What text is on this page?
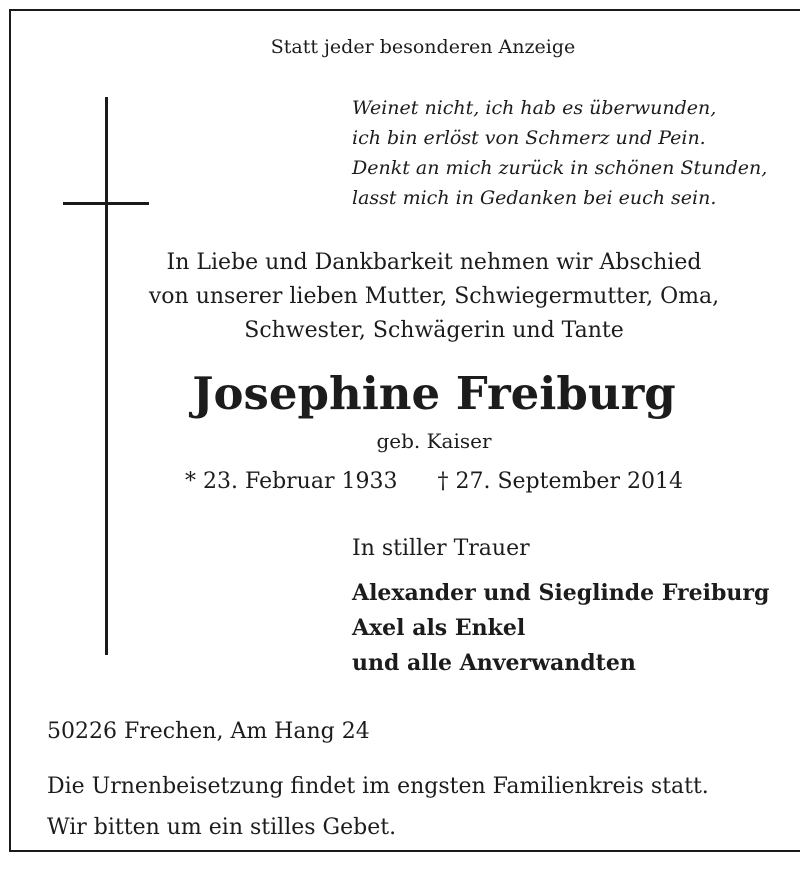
Statt jeder besonderen Anzeige
Weinet nicht, ich hab es überwunden,
ich bin erlöst von Schmerz und Pein.
Denkt an mich zurück in schönen Stunden,
lasst mich in Gedanken bei euch sein.
In Liebe und Dankbarkeit nehmen wir Abschied
von unserer lieben Mutter, Schwiegermutter, Oma,
Schwester, Schwägerin und Tante
Josephine Freiburg
geb. Kaiser
* 23. Februar 1933 † 27. September 2014
In stiller Trauer
Alexander und Sieglinde Freiburg
Axel als Enkel
und alle Anverwandten
50226 Frechen, Am Hang 24
Die Urnenbeisetzung findet im engsten Familienkreis statt.
Wir bitten um ein stilles Gebet.
